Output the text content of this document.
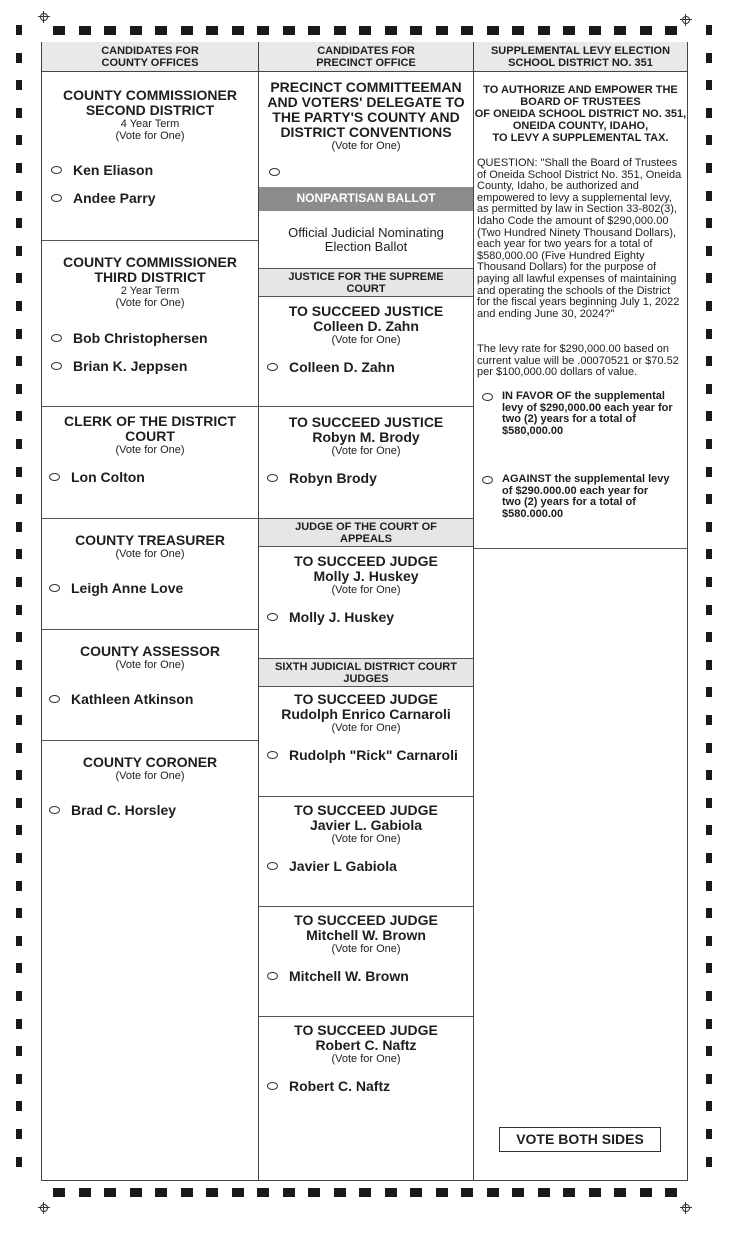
CANDIDATES FOR
COUNTY OFFICES
CANDIDATES FOR
PRECINCT OFFICE
SUPPLEMENTAL LEVY ELECTION
SCHOOL DISTRICT NO. 351
COUNTY COMMISSIONER
SECOND DISTRICT
4 Year Term
(Vote for One)
Ken Eliason
Andee Parry
COUNTY COMMISSIONER
THIRD DISTRICT
2 Year Term
(Vote for One)
Bob Christophersen
Brian K. Jeppsen
CLERK OF THE DISTRICT
COURT
(Vote for One)
Lon Colton
COUNTY TREASURER
(Vote for One)
Leigh Anne Love
COUNTY ASSESSOR
(Vote for One)
Kathleen Atkinson
COUNTY CORONER
(Vote for One)
Brad C. Horsley
PRECINCT COMMITTEEMAN
AND VOTERS' DELEGATE TO
THE PARTY'S COUNTY AND
DISTRICT CONVENTIONS
(Vote for One)
NONPARTISAN BALLOT
Official Judicial Nominating
Election Ballot
JUSTICE FOR THE SUPREME
COURT
TO SUCCEED JUSTICE
Colleen D. Zahn
(Vote for One)
Colleen D. Zahn
TO SUCCEED JUSTICE
Robyn M. Brody
(Vote for One)
Robyn Brody
JUDGE OF THE COURT OF
APPEALS
TO SUCCEED JUDGE
Molly J. Huskey
(Vote for One)
Molly J. Huskey
SIXTH JUDICIAL DISTRICT COURT
JUDGES
TO SUCCEED JUDGE
Rudolph Enrico Carnaroli
(Vote for One)
Rudolph "Rick" Carnaroli
TO SUCCEED JUDGE
Javier L. Gabiola
(Vote for One)
Javier L Gabiola
TO SUCCEED JUDGE
Mitchell W. Brown
(Vote for One)
Mitchell W. Brown
TO SUCCEED JUDGE
Robert C. Naftz
(Vote for One)
Robert C. Naftz
TO AUTHORIZE AND EMPOWER THE
BOARD OF TRUSTEES
OF ONEIDA SCHOOL DISTRICT NO. 351,
ONEIDA COUNTY, IDAHO,
TO LEVY A SUPPLEMENTAL TAX.
QUESTION: "Shall the Board of Trustees
of Oneida School District No. 351, Oneida
County, Idaho, be authorized and
empowered to levy a supplemental levy,
as permitted by law in Section 33-802(3),
Idaho Code the amount of $290,000.00
(Two Hundred Ninety Thousand Dollars),
each year for two years for a total of
$580,000.00 (Five Hundred Eighty
Thousand Dollars) for the purpose of
paying all lawful expenses of maintaining
and operating the schools of the District
for the fiscal years beginning July 1, 2022
and ending June 30, 2024?"
The levy rate for $290,000.00 based on
current value will be .00070521 or $70.52
per $100,000.00 dollars of value.
IN FAVOR OF the supplemental
levy of $290,000.00 each year for
two (2) years for a total of
$580,000.00
AGAINST the supplemental levy
of $290.000.00 each year for
two (2) years for a total of
$580.000.00
VOTE BOTH SIDES
